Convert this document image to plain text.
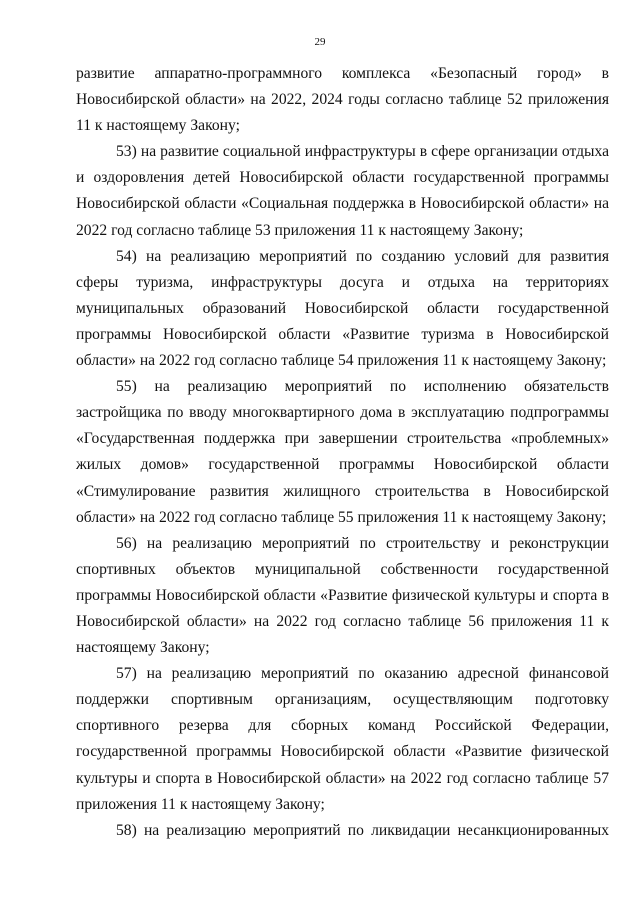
29

развитие аппаратно-программного комплекса «Безопасный город» в Новосибирской области» на 2022, 2024 годы согласно таблице 52 приложения 11 к настоящему Закону;

53) на развитие социальной инфраструктуры в сфере организации отдыха и оздоровления детей Новосибирской области государственной программы Новосибирской области «Социальная поддержка в Новосибирской области» на 2022 год согласно таблице 53 приложения 11 к настоящему Закону;

54) на реализацию мероприятий по созданию условий для развития сферы туризма, инфраструктуры досуга и отдыха на территориях муниципальных образований Новосибирской области государственной программы Новосибирской области «Развитие туризма в Новосибирской области» на 2022 год согласно таблице 54 приложения 11 к настоящему Закону;

55) на реализацию мероприятий по исполнению обязательств застройщика по вводу многоквартирного дома в эксплуатацию подпрограммы «Государственная поддержка при завершении строительства «проблемных» жилых домов» государственной программы Новосибирской области «Стимулирование развития жилищного строительства в Новосибирской области» на 2022 год согласно таблице 55 приложения 11 к настоящему Закону;

56) на реализацию мероприятий по строительству и реконструкции спортивных объектов муниципальной собственности государственной программы Новосибирской области «Развитие физической культуры и спорта в Новосибирской области» на 2022 год согласно таблице 56 приложения 11 к настоящему Закону;

57) на реализацию мероприятий по оказанию адресной финансовой поддержки спортивным организациям, осуществляющим подготовку спортивного резерва для сборных команд Российской Федерации, государственной программы Новосибирской области «Развитие физической культуры и спорта в Новосибирской области» на 2022 год согласно таблице 57 приложения 11 к настоящему Закону;

58) на реализацию мероприятий по ликвидации несанкционированных
